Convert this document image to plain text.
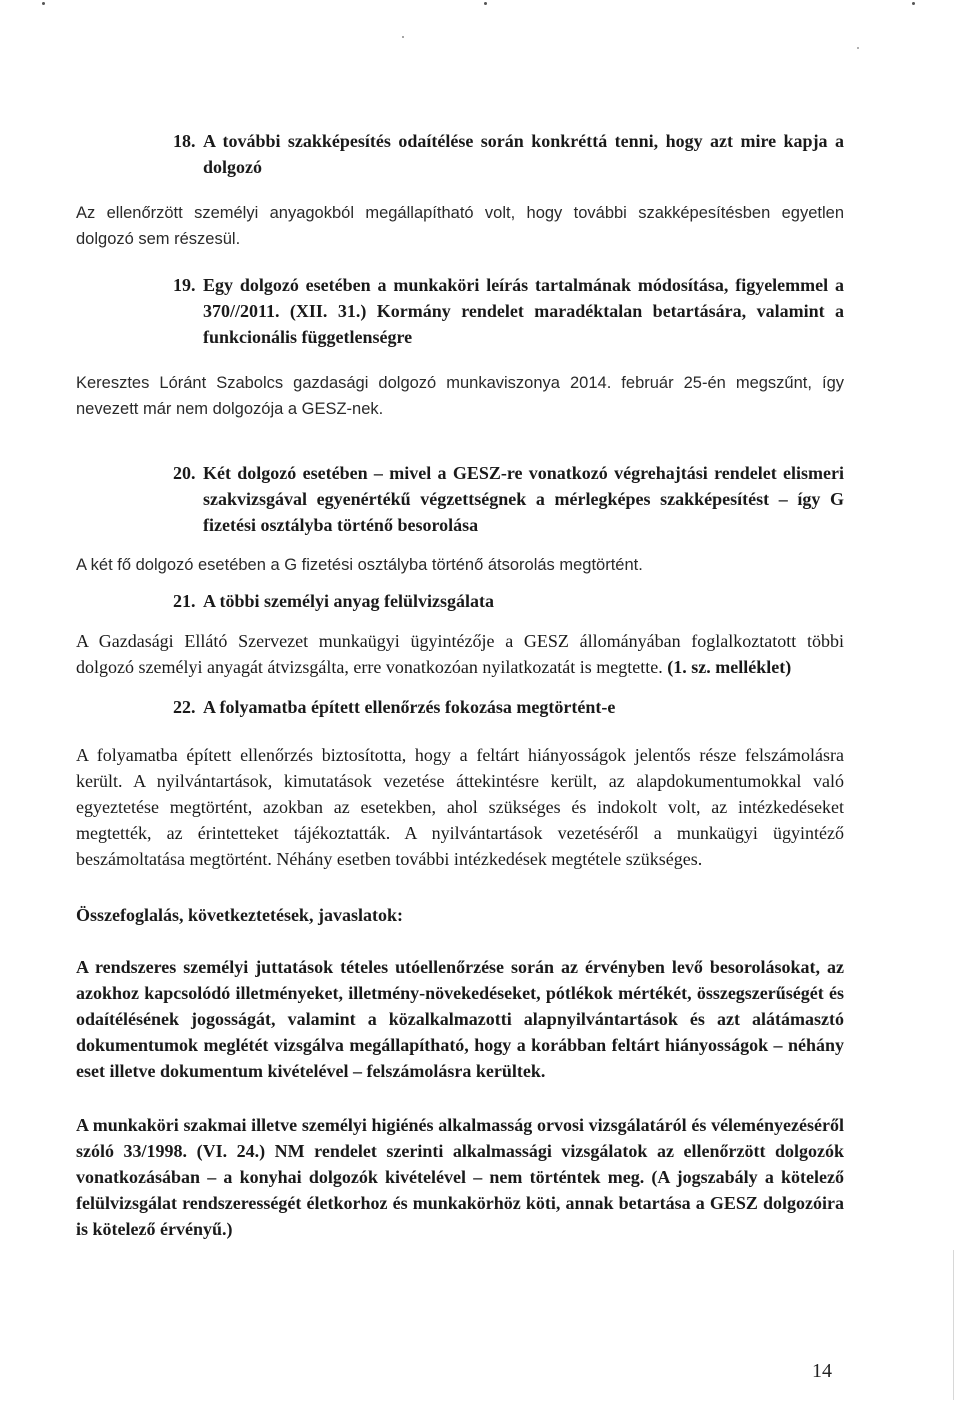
18. A további szakképesítés odaítélése során konkréttá tenni, hogy azt mire kapja a dolgozó

Az ellenőrzött személyi anyagokból megállapítható volt, hogy további szakképesítésben egyetlen dolgozó sem részesül.

19. Egy dolgozó esetében a munkaköri leírás tartalmának módosítása, figyelemmel a 370//2011. (XII. 31.) Kormány rendelet maradéktalan betartására, valamint a funkcionális függetlenségre

Keresztes Lóránt Szabolcs gazdasági dolgozó munkaviszonya 2014. február 25-én megszűnt, így nevezett már nem dolgozója a GESZ-nek.

20. Két dolgozó esetében – mivel a GESZ-re vonatkozó végrehajtási rendelet elismeri szakvizsgával egyenértékű végzettségnek a mérlegképes szakképesítést – így G fizetési osztályba történő besorolása

A két fő dolgozó esetében a G fizetési osztályba történő átsorolás megtörtént.

21. A többi személyi anyag felülvizsgálata

A Gazdasági Ellátó Szervezet munkaügyi ügyintézője a GESZ állományában foglalkoztatott többi dolgozó személyi anyagát átvizsgálta, erre vonatkozóan nyilatkozatát is megtette. (1. sz. melléklet)

22. A folyamatba épített ellenőrzés fokozása megtörtént-e

A folyamatba épített ellenőrzés biztosította, hogy a feltárt hiányosságok jelentős része felszámolásra került. A nyilvántartások, kimutatások vezetése áttekintésre került, az alapdokumentumokkal való egyeztetése megtörtént, azokban az esetekben, ahol szükséges és indokolt volt, az intézkedéseket megtették, az érintetteket tájékoztatták. A nyilvántartások vezetéséről a munkaügyi ügyintéző beszámoltatása megtörtént. Néhány esetben további intézkedések megtétele szükséges.

Összefoglalás, következtetések, javaslatok:

A rendszeres személyi juttatások tételes utóellenőrzése során az érvényben levő besorolásokat, az azokhoz kapcsolódó illetményeket, illetmény-növekedéseket, pótlékok mértékét, összegszerűségét és odaítélésének jogosságát, valamint a közalkalmazotti alapnyilvántartások és azt alátámasztó dokumentumok meglétét vizsgálva megállapítható, hogy a korábban feltárt hiányosságok – néhány eset illetve dokumentum kivételével – felszámolásra kerültek.

A munkaköri szakmai illetve személyi higiénés alkalmasság orvosi vizsgálatáról és véleményezéséről szóló 33/1998. (VI. 24.) NM rendelet szerinti alkalmassági vizsgálatok az ellenőrzött dolgozók vonatkozásában – a konyhai dolgozók kivételével – nem történtek meg. (A jogszabály a kötelező felülvizsgálat rendszerességét életkorhoz és munkakörhöz köti, annak betartása a GESZ dolgozóira is kötelező érvényű.)

14
